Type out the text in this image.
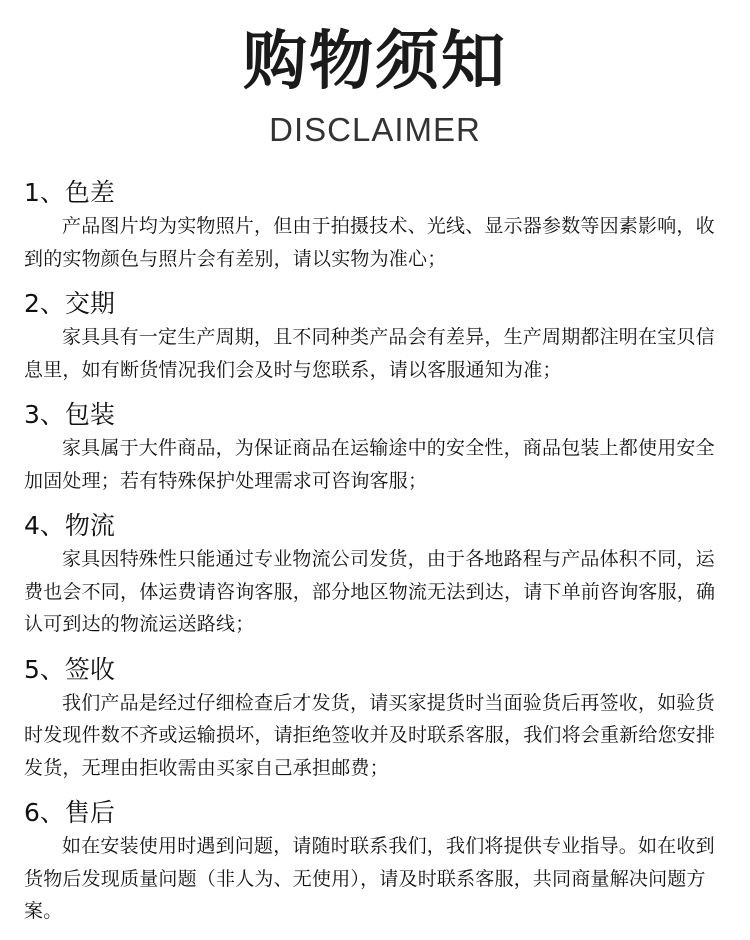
购物须知
DISCLAIMER
1、色差

产品图片均为实物照片，但由于拍摄技术、光线、显示器参数等因素影响，收到的实物颜色与照片会有差别，请以实物为准心；

2、交期

家具具有一定生产周期，且不同种类产品会有差异，生产周期都注明在宝贝信息里，如有断货情况我们会及时与您联系，请以客服通知为准；

3、包装

家具属于大件商品，为保证商品在运输途中的安全性，商品包装上都使用安全加固处理；若有特殊保护处理需求可咨询客服；

4、物流

家具因特殊性只能通过专业物流公司发货，由于各地路程与产品体积不同，运费也会不同，体运费请咨询客服，部分地区物流无法到达，请下单前咨询客服，确认可到达的物流运送路线；

5、签收

我们产品是经过仔细检查后才发货，请买家提货时当面验货后再签收，如验货时发现件数不齐或运输损坏，请拒绝签收并及时联系客服，我们将会重新给您安排发货，无理由拒收需由买家自己承担邮费；

6、售后

如在安装使用时遇到问题，请随时联系我们，我们将提供专业指导。如在收到货物后发现质量问题（非人为、无使用），请及时联系客服，共同商量解决问题方案。
